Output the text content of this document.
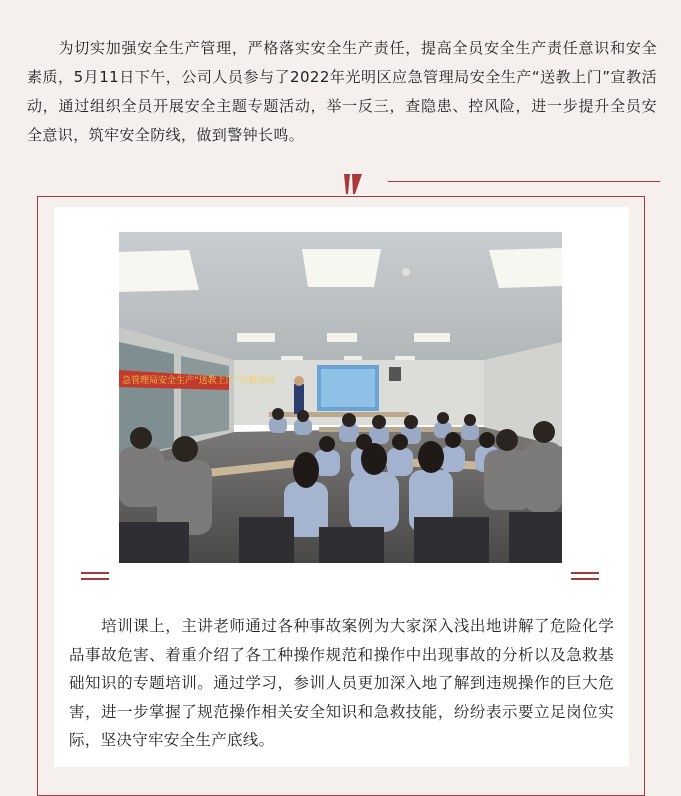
　　为切实加强安全生产管理，严格落实安全生产责任，提高全员安全生产责任意识和安全素质，5月11日下午，公司人员参与了2022年光明区应急管理局安全生产“送教上门”宣教活动，通过组织全员开展安全主题专题活动，举一反三，查隐患、控风险，进一步提升全员安全意识，筑牢安全防线，做到警钟长鸣。

急管理局安全生产“送教上门”宣教活动

　　培训课上，主讲老师通过各种事故案例为大家深入浅出地讲解了危险化学品事故危害、着重介绍了各工种操作规范和操作中出现事故的分析以及急救基础知识的专题培训。通过学习，参训人员更加深入地了解到违规操作的巨大危害，进一步掌握了规范操作相关安全知识和急救技能，纷纷表示要立足岗位实际，坚决守牢安全生产底线。
